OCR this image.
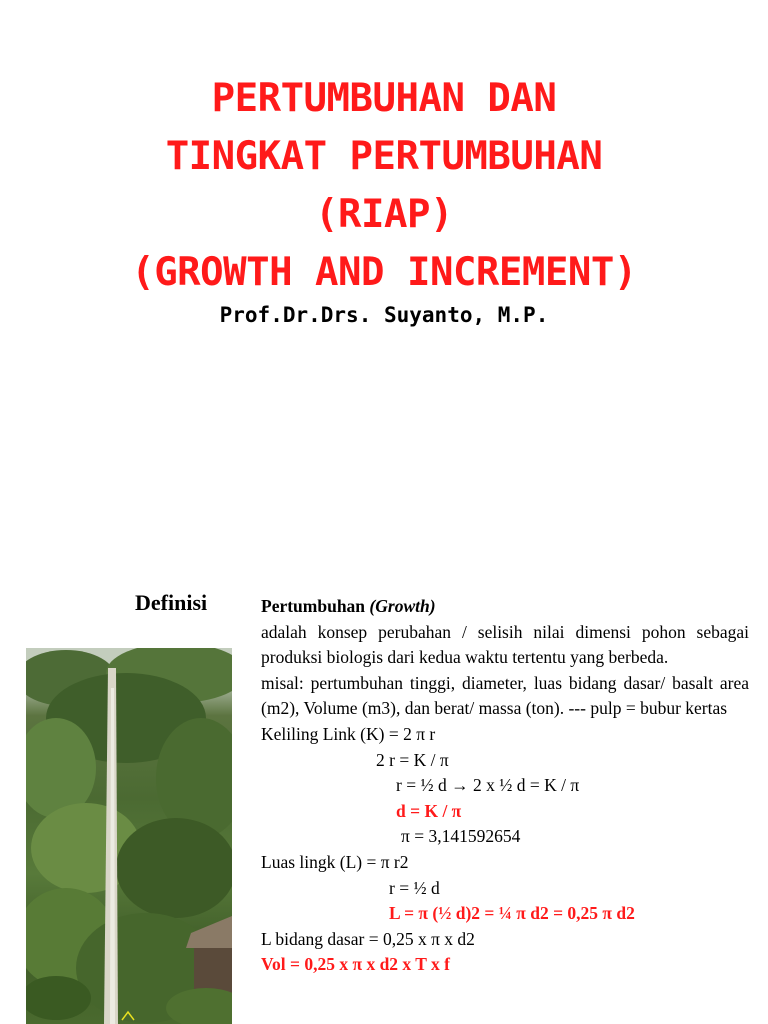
PERTUMBUHAN DAN
TINGKAT PERTUMBUHAN
(RIAP)
(GROWTH AND INCREMENT)
Prof.Dr.Drs. Suyanto, M.P.
Definisi	Pertumbuhan (Growth)
adalah konsep perubahan / selisih nilai dimensi pohon sebagai produksi biologis dari kedua waktu tertentu yang berbeda.
misal: pertumbuhan tinggi, diameter, luas bidang dasar/ basalt area (m2), Volume (m3), dan berat/ massa (ton). --- pulp = bubur kertas
Keliling Link (K) = 2 π r
2 r = K / π
r = ½ d → 2 x ½ d = K / π
d = K / π
π = 3,141592654
Luas lingk (L) = π r2
r = ½ d
L = π (½ d)2 = ¼ π d2 = 0,25 π d2
L bidang dasar = 0,25 x π x d2
Vol = 0,25 x π x d2 x T x f
